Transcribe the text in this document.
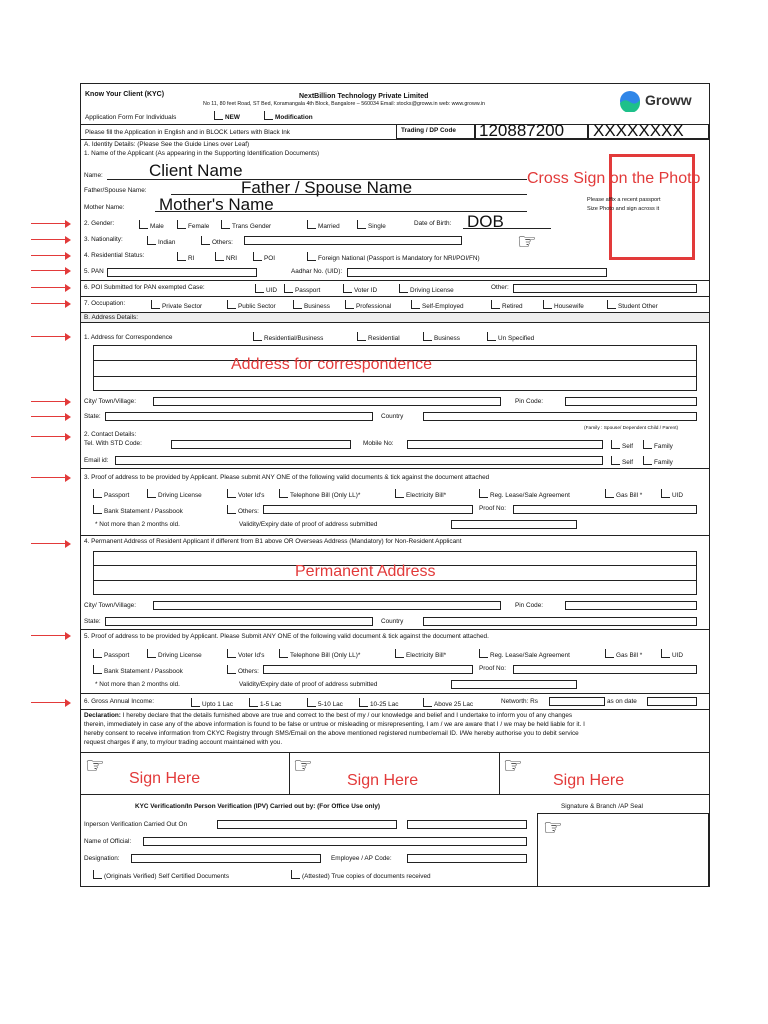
Know Your Client (KYC)	NextBillion Technology Private Limited
No 11, 80 feet Road, ST Bed, Koramangala 4th Block, Bangalore – 560034 Email: stocks@groww.in web: www.groww.in
Application Form For Individuals	NEW	Modification
Groww
Please fill the Application in English and in BLOCK Letters with Black Ink	Trading / DP Code 120887200 XXXXXXXX
A. Identity Details: (Please See the Guide Lines over Leaf)
1. Name of the Applicant (As appearing in the Supporting Identification Documents)
Name:	Client Name
Father/Spouse Name:	Father / Spouse Name
Mother Name: Mother's Name
Cross Sign on the Photo
Please affix a recent passport
Size Photo and sign across it
2. Gender:	Male	Female	Trans Gender	Married	Single	Date of Birth: DOB
3. Nationality:	Indian	Others:	☞
4. Residential Status:	RI	NRI	POI	Foreign National (Passport is Mandatory for NRI/POI/FN)
5. PAN	Aadhar No. (UID):
6. POI Submitted for PAN exempted Case:	UID	Passport	Voter ID	Driving License	Other:
7. Occupation:	Private Sector	Public Sector	Business	Professional	Self-Employed	Retired	Housewife	Student Other
B. Address Details:
1. Address for Correspondence	Residential/Business	Residential	Business	Un Specified
Address for correspondence
City/ Town/Village:	Pin Code:
State:	Country
(Family : Spouse/ Dependent Child / Parent)
2. Contact Details:
Tel. With STD Code:	Mobile No:	Self	Family
Email id:	Self	Family
3. Proof of address to be provided by Applicant. Please submit ANY ONE of the following valid documents & tick against the document attached
Passport	Driving License	Voter Id's	Telephone Bill (Only LL)*	Electricity Bill*	Reg. Lease/Sale Agreement	Gas Bill *	UID
Bank Statement / Passbook	Others:	Proof No:
* Not more than 2 months old.	Validity/Expiry date of proof of address submitted
4. Permanent Address of Resident Applicant if different from B1 above OR Overseas Address (Mandatory) for Non-Resident Applicant
Permanent Address
City/ Town/Village:	Pin Code:
State:	Country
5. Proof of address to be provided by Applicant. Please Submit ANY ONE of the following valid document & tick against the document attached.
Passport	Driving License	Voter Id's	Telephone Bill (Only LL)*	Electricity Bill*	Reg. Lease/Sale Agreement	Gas Bill *	UID
Bank Statement / Passbook	Others:	Proof No:
* Not more than 2 months old.	Validity/Expiry date of proof of address submitted
6. Gross Annual Income:	Upto 1 Lac	1-5 Lac	5-10 Lac	10-25 Lac	Above 25 Lac	Networth: Rs	as on date
Declaration: I hereby declare that the details furnished above are true and correct to the best of my / our knowledge and belief and I undertake to inform you of any changes
therein, immediately in case any of the above information is found to be false or untrue or misleading or misrepresenting, I am / we are aware that I / we may be held liable for it. I
hereby consent to receive information from CKYC Registry through SMS/Email on the above mentioned registered number/email ID. I/We hereby authorise you to debit service
request charges if any, to my/our trading account maintained with you.
☞	☞	☞
Sign Here	Sign Here	Sign Here
KYC Verification/In Person Verification (IPV) Carried out by: (For Office Use only)	Signature & Branch /AP Seal
☞
Inperson Verification Carried Out On
Name of Official:
Designation:	Employee / AP Code:
(Originals Verified) Self Certified Documents	(Attested) True copies of documents received
